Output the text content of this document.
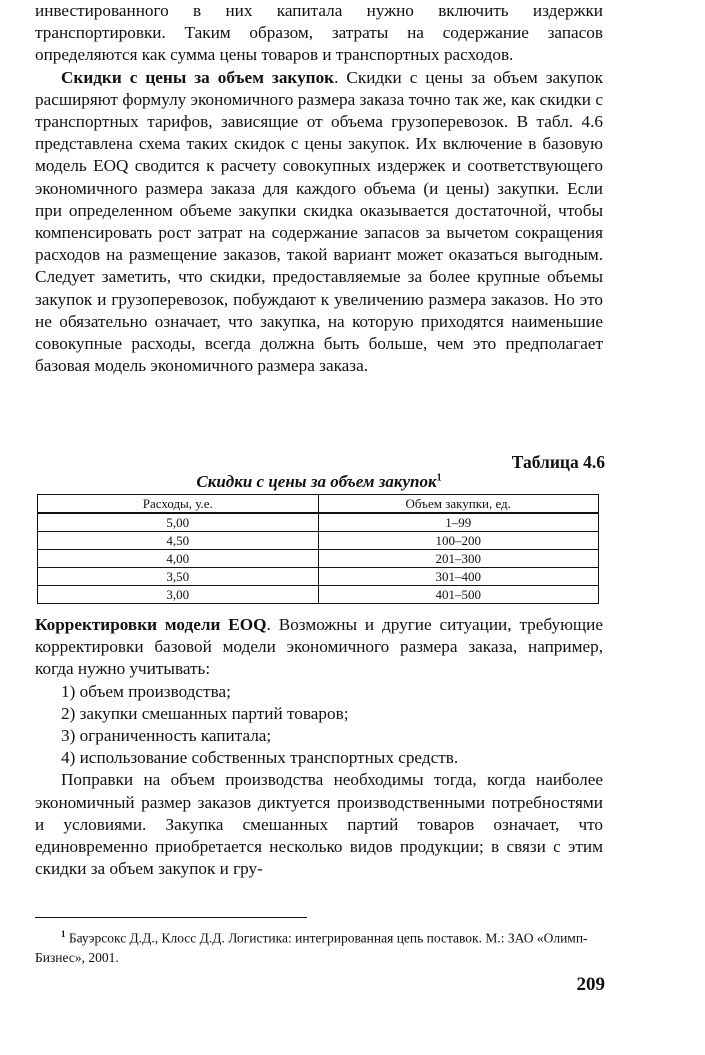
инвестированного в них капитала нужно включить издержки транспортировки. Таким образом, затраты на содержание запасов определяются как сумма цены товаров и транспортных расходов.

Скидки с цены за объем закупок. Скидки с цены за объем закупок расширяют формулу экономичного размера заказа точно так же, как скидки с транспортных тарифов, зависящие от объема грузоперевозок. В табл. 4.6 представлена схема таких скидок с цены закупок. Их включение в базовую модель EOQ сводится к расчету совокупных издержек и соответствующего экономичного размера заказа для каждого объема (и цены) закупки. Если при определенном объеме закупки скидка оказывается достаточной, чтобы компенсировать рост затрат на содержание запасов за вычетом сокращения расходов на размещение заказов, такой вариант может оказаться выгодным. Следует заметить, что скидки, предоставляемые за более крупные объемы закупок и грузоперевозок, побуждают к увеличению размера заказов. Но это не обязательно означает, что закупка, на которую приходятся наименьшие совокупные расходы, всегда должна быть больше, чем это предполагает базовая модель экономичного размера заказа.

Таблица 4.6
Скидки с цены за объем закупок$^1$
Расходы, у.е.	Объем закупки, ед.
5,00	1–99
4,50	100–200
4,00	201–300
3,50	301–400
3,00	401–500

Корректировки модели EOQ. Возможны и другие ситуации, требующие корректировки базовой модели экономичного размера заказа, например, когда нужно учитывать:

1) объем производства;

2) закупки смешанных партий товаров;

3) ограниченность капитала;

4) использование собственных транспортных средств.

Поправки на объем производства необходимы тогда, когда наиболее экономичный размер заказов диктуется производственными потребностями и условиями. Закупка смешанных партий товаров означает, что единовременно приобретается несколько видов продукции; в связи с этим скидки за объем закупок и гру-

$^1$ Бауэрсокс Д.Д., Клосс Д.Д. Логистика: интегрированная цепь поставок. М.: ЗАО «Олимп-Бизнес», 2001.
209
